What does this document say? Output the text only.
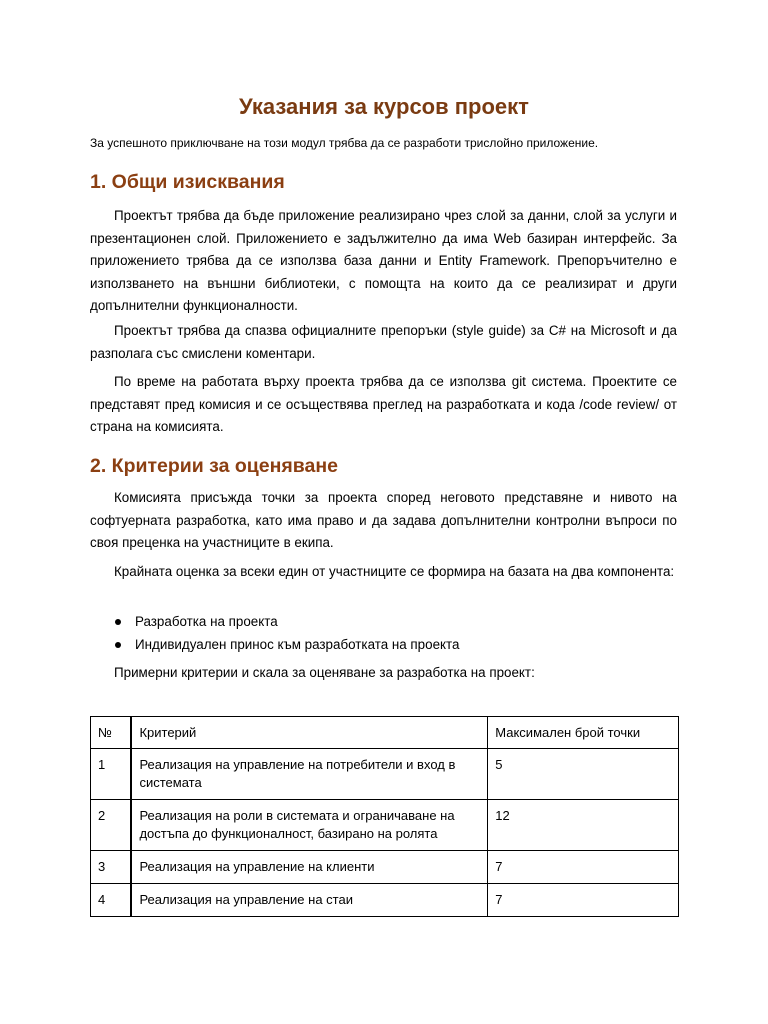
Указания за курсов проект

За успешното приключване на този модул трябва да се разработи трислойно приложение.

1. Общи изисквания

Проектът трябва да бъде приложение реализирано чрез слой за данни, слой за услуги и презентационен слой. Приложението е задължително да има Web базиран интерфейс. За приложението трябва да се използва база данни и Entity Framework. Препоръчително е използването на външни библиотеки, с помощта на които да се реализират и други допълнителни функционалности.

Проектът трябва да спазва официалните препоръки (style guide) за C# на Microsoft и да разполага със смислени коментари.

По време на работата върху проекта трябва да се използва git система. Проектите се представят пред комисия и се осъществява преглед на разработката и кода /code review/ от страна на комисията.

2. Критерии за оценяване

Комисията присъжда точки за проекта според неговото представяне и нивото на софтуерната разработка, като има право и да задава допълнителни контролни въпроси по своя преценка на участниците в екипа.

Крайната оценка за всеки един от участниците се формира на базата на два компонента:

Разработка на проекта
Индивидуален принос към разработката на проекта

Примерни критерии и скала за оценяване за разработка на проект:

№	Критерий	Максимален брой точки
1	Реализация на управление на потребители и вход в системата	5
2	Реализация на роли в системата и ограничаване на достъпа до функционалност, базирано на ролята	12
3	Реализация на управление на клиенти	7
4	Реализация на управление на стаи	7
